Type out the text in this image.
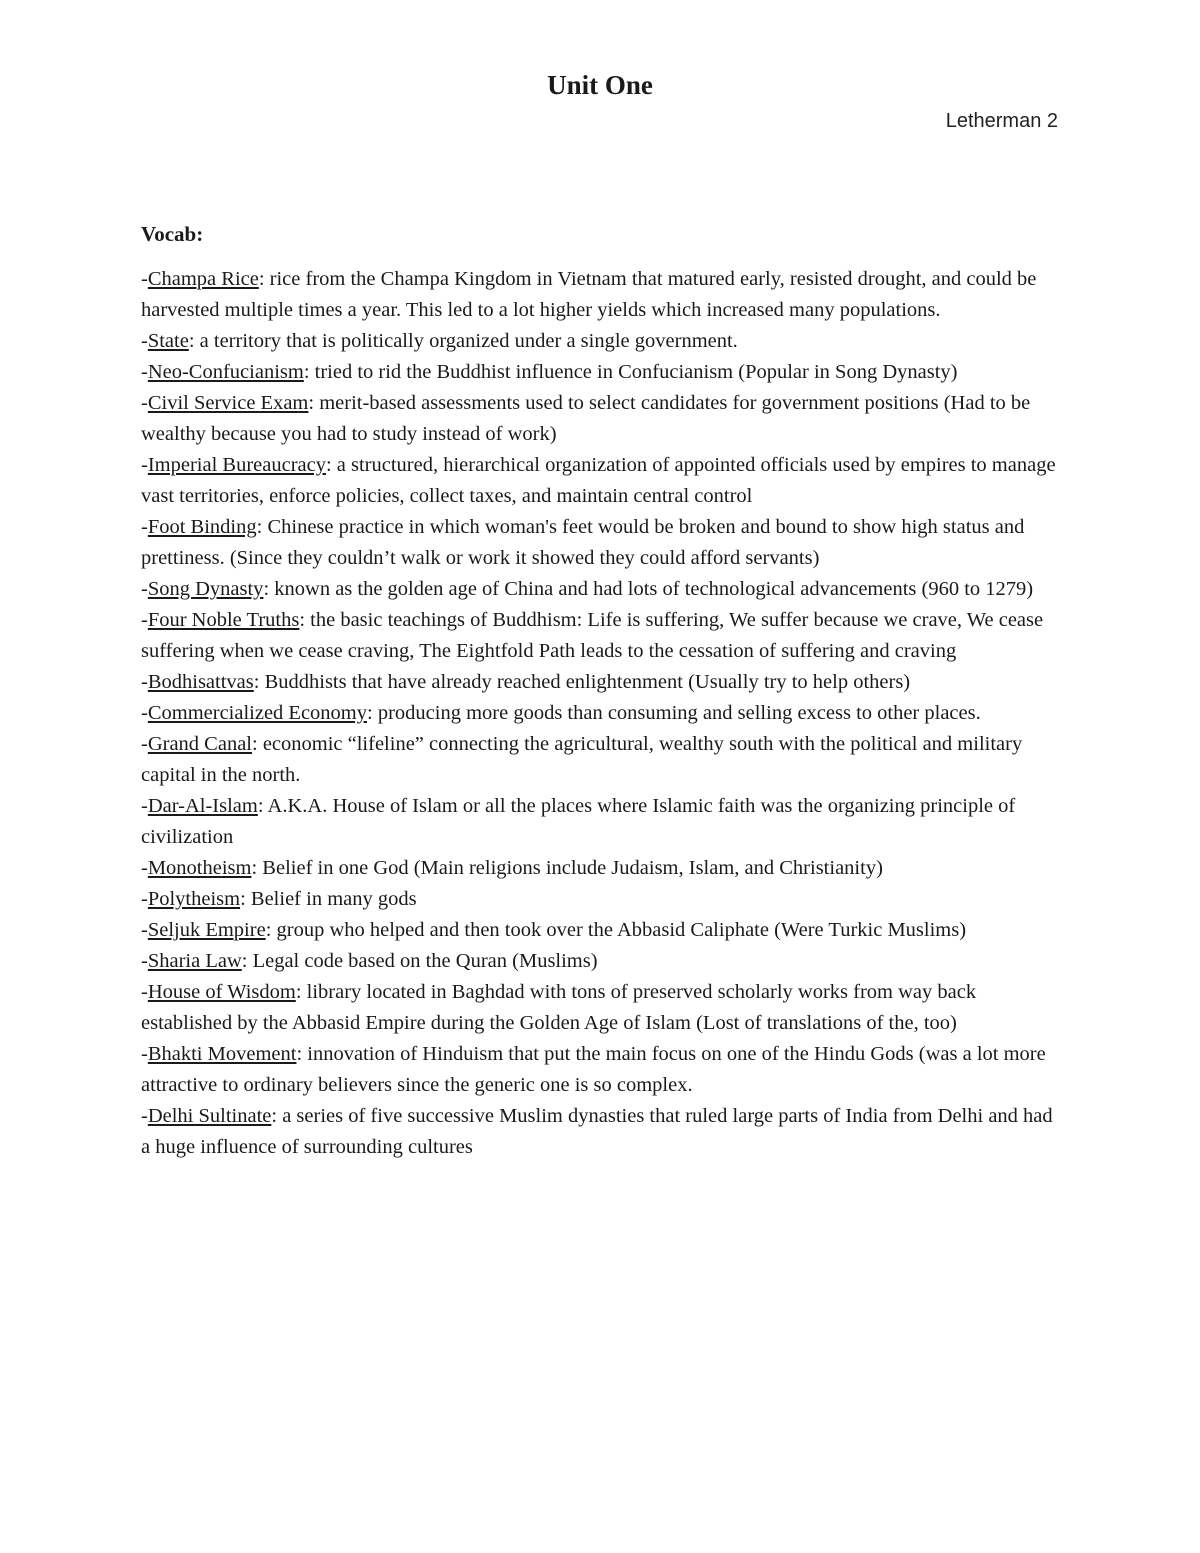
Unit One
Letherman 2
Vocab:
-Champa Rice: rice from the Champa Kingdom in Vietnam that matured early, resisted drought, and could be harvested multiple times a year. This led to a lot higher yields which increased many populations.
-State: a territory that is politically organized under a single government.
-Neo-Confucianism: tried to rid the Buddhist influence in Confucianism (Popular in Song Dynasty)
-Civil Service Exam: merit-based assessments used to select candidates for government positions (Had to be wealthy because you had to study instead of work)
-Imperial Bureaucracy: a structured, hierarchical organization of appointed officials used by empires to manage vast territories, enforce policies, collect taxes, and maintain central control
-Foot Binding: Chinese practice in which woman's feet would be broken and bound to show high status and prettiness. (Since they couldn’t walk or work it showed they could afford servants)
-Song Dynasty: known as the golden age of China and had lots of technological advancements (960 to 1279)
-Four Noble Truths: the basic teachings of Buddhism: Life is suffering, We suffer because we crave, We cease suffering when we cease craving, The Eightfold Path leads to the cessation of suffering and craving
-Bodhisattvas: Buddhists that have already reached enlightenment (Usually try to help others)
-Commercialized Economy: producing more goods than consuming and selling excess to other places.
-Grand Canal: economic “lifeline” connecting the agricultural, wealthy south with the political and military capital in the north.
-Dar-Al-Islam: A.K.A. House of Islam or all the places where Islamic faith was the organizing principle of civilization
-Monotheism: Belief in one God (Main religions include Judaism, Islam, and Christianity)
-Polytheism: Belief in many gods
-Seljuk Empire: group who helped and then took over the Abbasid Caliphate (Were Turkic Muslims)
-Sharia Law: Legal code based on the Quran (Muslims)
-House of Wisdom: library located in Baghdad with tons of preserved scholarly works from way back established by the Abbasid Empire during the Golden Age of Islam (Lost of translations of the, too)
-Bhakti Movement: innovation of Hinduism that put the main focus on one of the Hindu Gods (was a lot more attractive to ordinary believers since the generic one is so complex.
-Delhi Sultinate: a series of five successive Muslim dynasties that ruled large parts of India from Delhi and had a huge influence of surrounding cultures
